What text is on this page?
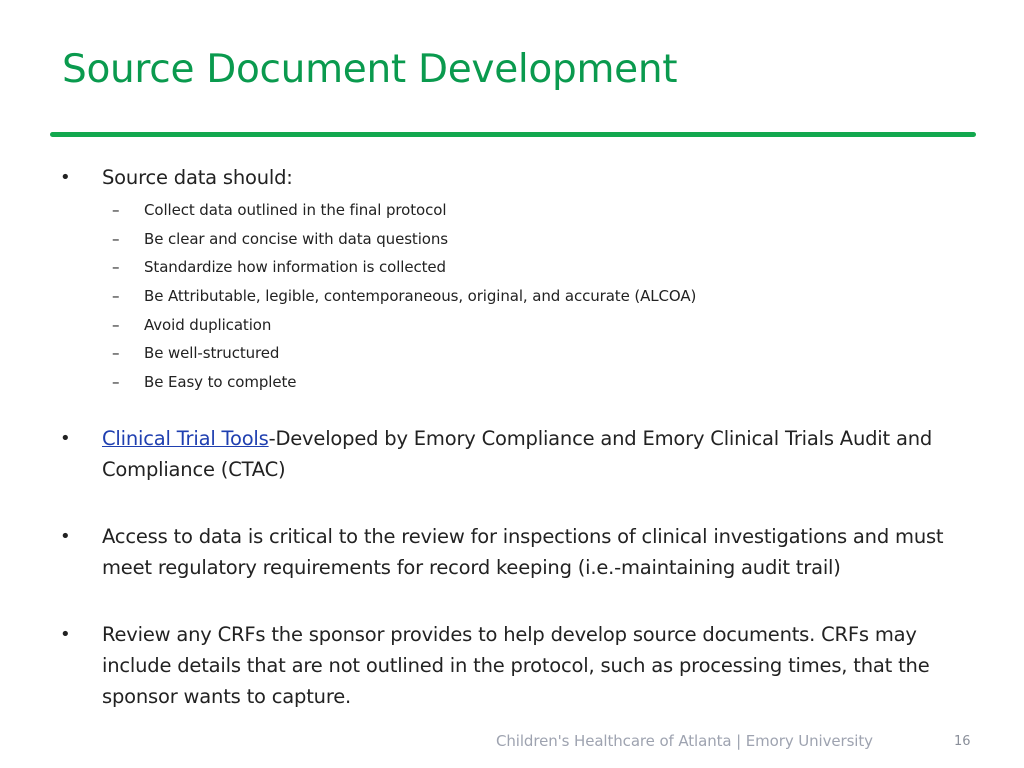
Source Document Development
•	Source data should:
–	Collect data outlined in the final protocol
–	Be clear and concise with data questions
–	Standardize how information is collected
–	Be Attributable, legible, contemporaneous, original, and accurate (ALCOA)
–	Avoid duplication
–	Be well-structured
–	Be Easy to complete
•	Clinical Trial Tools-Developed by Emory Compliance and Emory Clinical Trials Audit and Compliance (CTAC)
•	Access to data is critical to the review for inspections of clinical investigations and must meet regulatory requirements for record keeping (i.e.-maintaining audit trail)
•	Review any CRFs the sponsor provides to help develop source documents. CRFs may include details that are not outlined in the protocol, such as processing times, that the sponsor wants to capture.
Children's Healthcare of Atlanta | Emory University	16
